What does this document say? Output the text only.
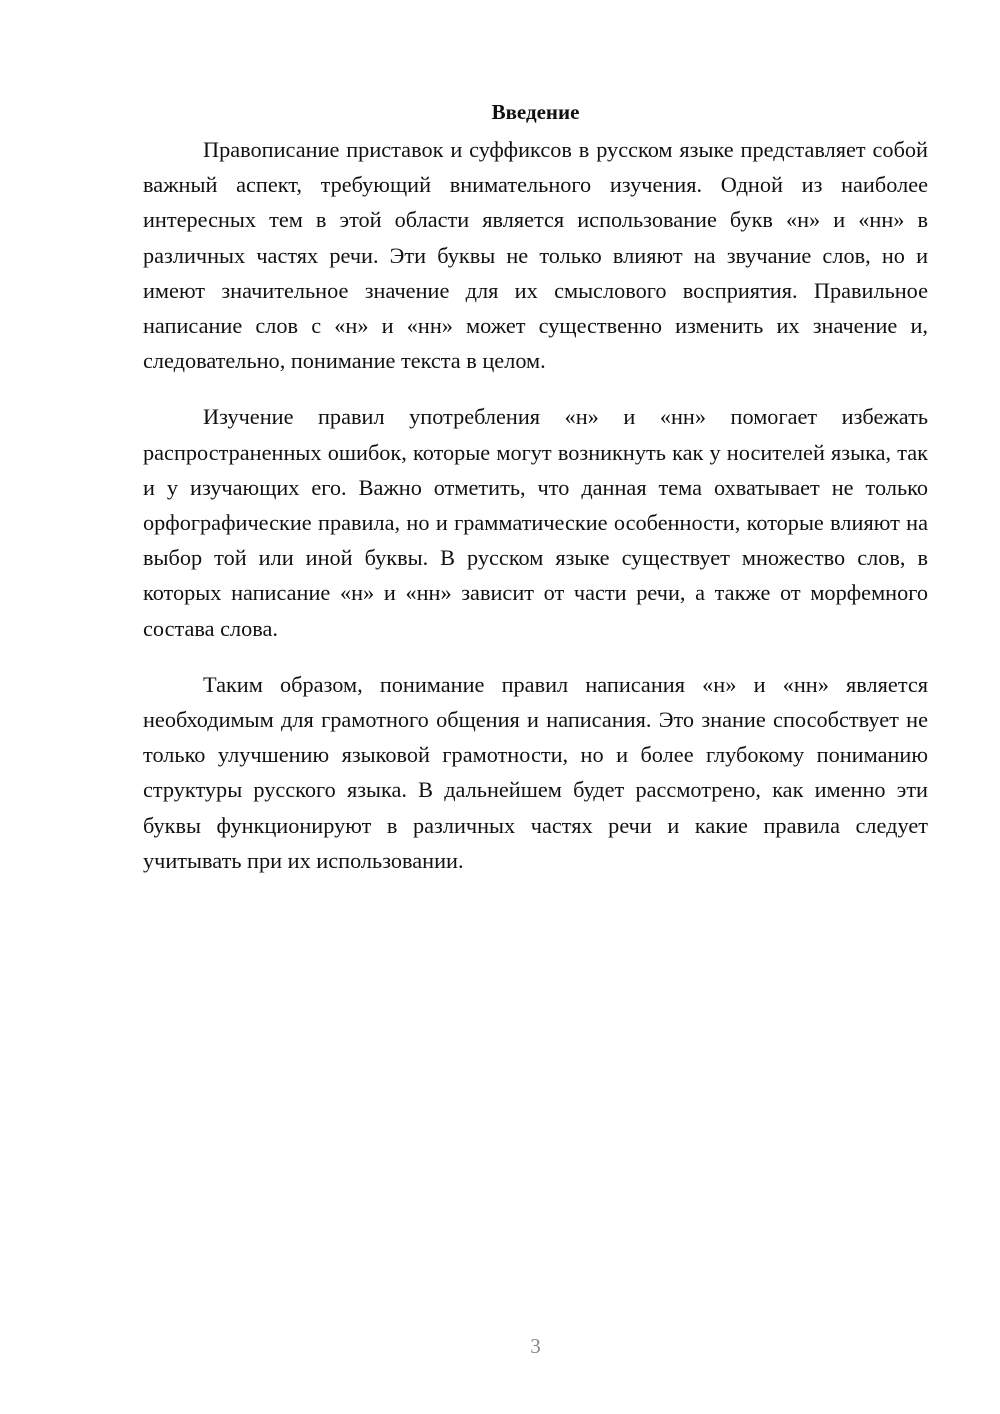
Введение

Правописание приставок и суффиксов в русском языке представляет собой важный аспект, требующий внимательного изучения. Одной из наиболее интересных тем в этой области является использование букв «н» и «нн» в различных частях речи. Эти буквы не только влияют на звучание слов, но и имеют значительное значение для их смыслового восприятия. Правильное написание слов с «н» и «нн» может существенно изменить их значение и, следовательно, понимание текста в целом.

Изучение правил употребления «н» и «нн» помогает избежать распространенных ошибок, которые могут возникнуть как у носителей языка, так и у изучающих его. Важно отметить, что данная тема охватывает не только орфографические правила, но и грамматические особенности, которые влияют на выбор той или иной буквы. В русском языке существует множество слов, в которых написание «н» и «нн» зависит от части речи, а также от морфемного состава слова.

Таким образом, понимание правил написания «н» и «нн» является необходимым для грамотного общения и написания. Это знание способствует не только улучшению языковой грамотности, но и более глубокому пониманию структуры русского языка. В дальнейшем будет рассмотрено, как именно эти буквы функционируют в различных частях речи и какие правила следует учитывать при их использовании.

3
